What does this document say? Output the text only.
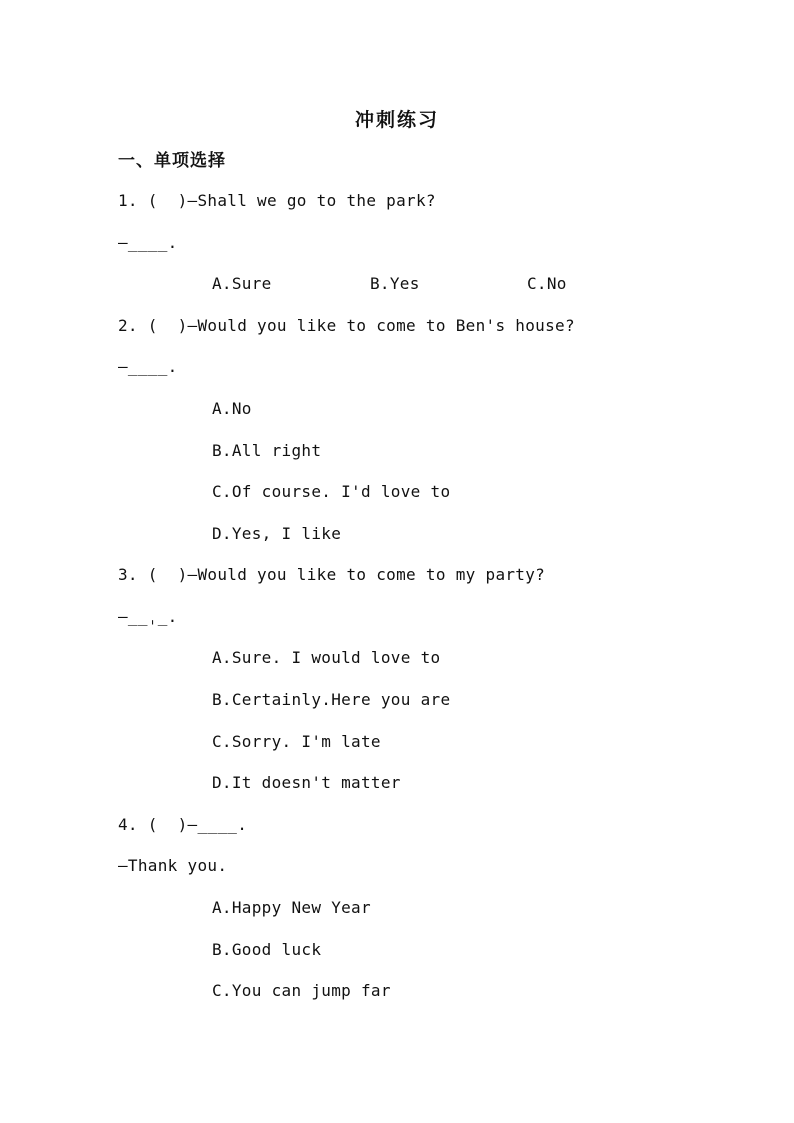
冲刺练习
一、单项选择
1. (  )—Shall we go to the park?
—____.

A.Sure

	B.Yes

	C.No

2. (  )—Would you like to come to Ben's house?
—____.
A.No
B.All right
C.Of course. I'd love to
D.Yes, I like
3. (  )—Would you like to come to my party?
—__ˌ_.
A.Sure. I would love to
B.Certainly.Here you are
C.Sorry. I'm late
D.It doesn't matter
4. (  )—____.
—Thank you.
A.Happy New Year
B.Good luck
C.You can jump far
